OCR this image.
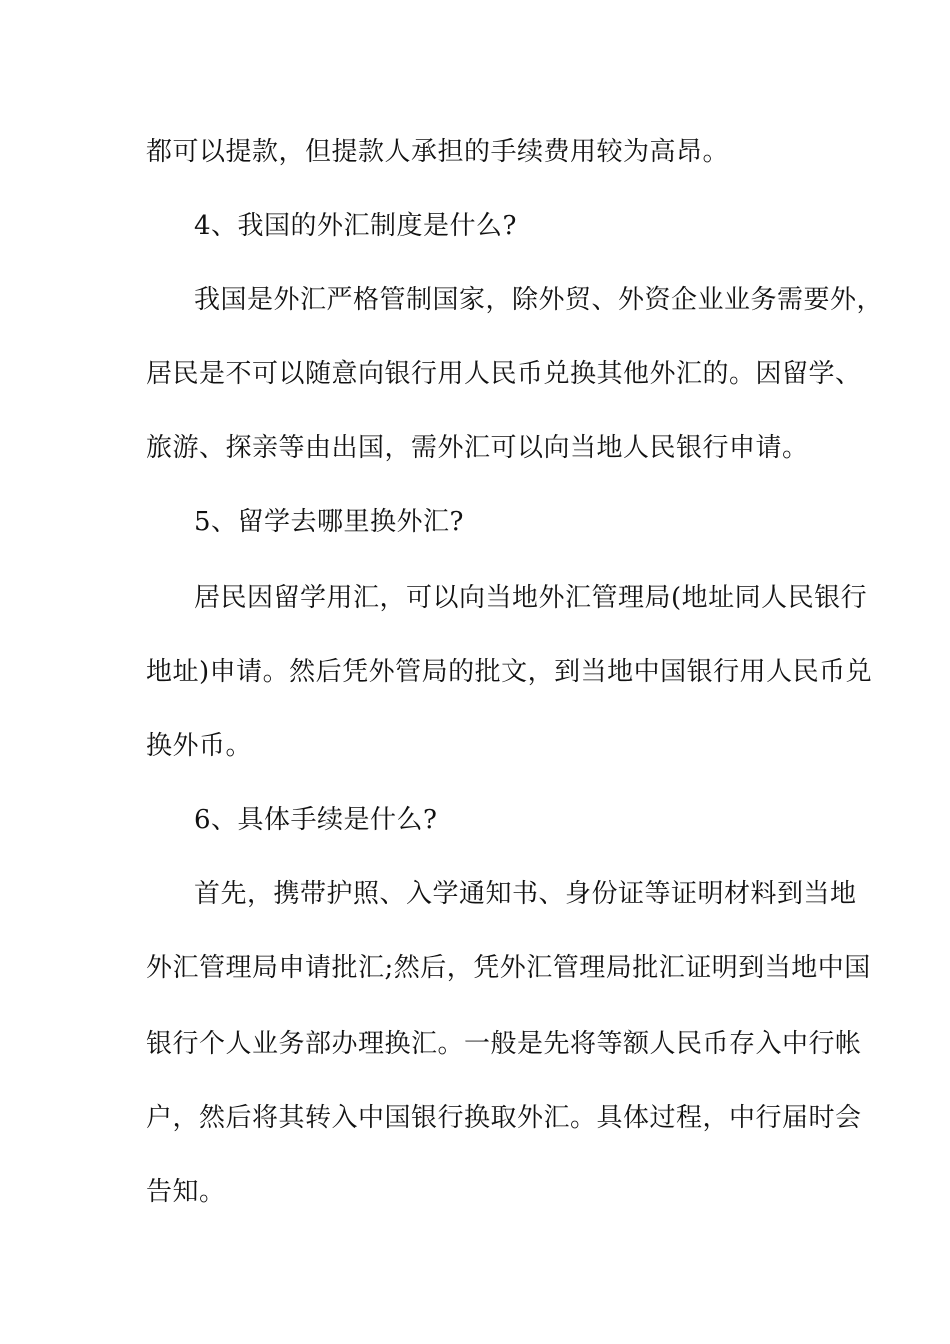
都可以提款，但提款人承担的手续费用较为高昂。
4、我国的外汇制度是什么?
我国是外汇严格管制国家，除外贸、外资企业业务需要外，
居民是不可以随意向银行用人民币兑换其他外汇的。因留学、
旅游、探亲等由出国，需外汇可以向当地人民银行申请。
5、留学去哪里换外汇?
居民因留学用汇，可以向当地外汇管理局(地址同人民银行
地址)申请。然后凭外管局的批文，到当地中国银行用人民币兑
换外币。
6、具体手续是什么?
首先，携带护照、入学通知书、身份证等证明材料到当地
外汇管理局申请批汇;然后，凭外汇管理局批汇证明到当地中国
银行个人业务部办理换汇。一般是先将等额人民币存入中行帐
户，然后将其转入中国银行换取外汇。具体过程，中行届时会
告知。
